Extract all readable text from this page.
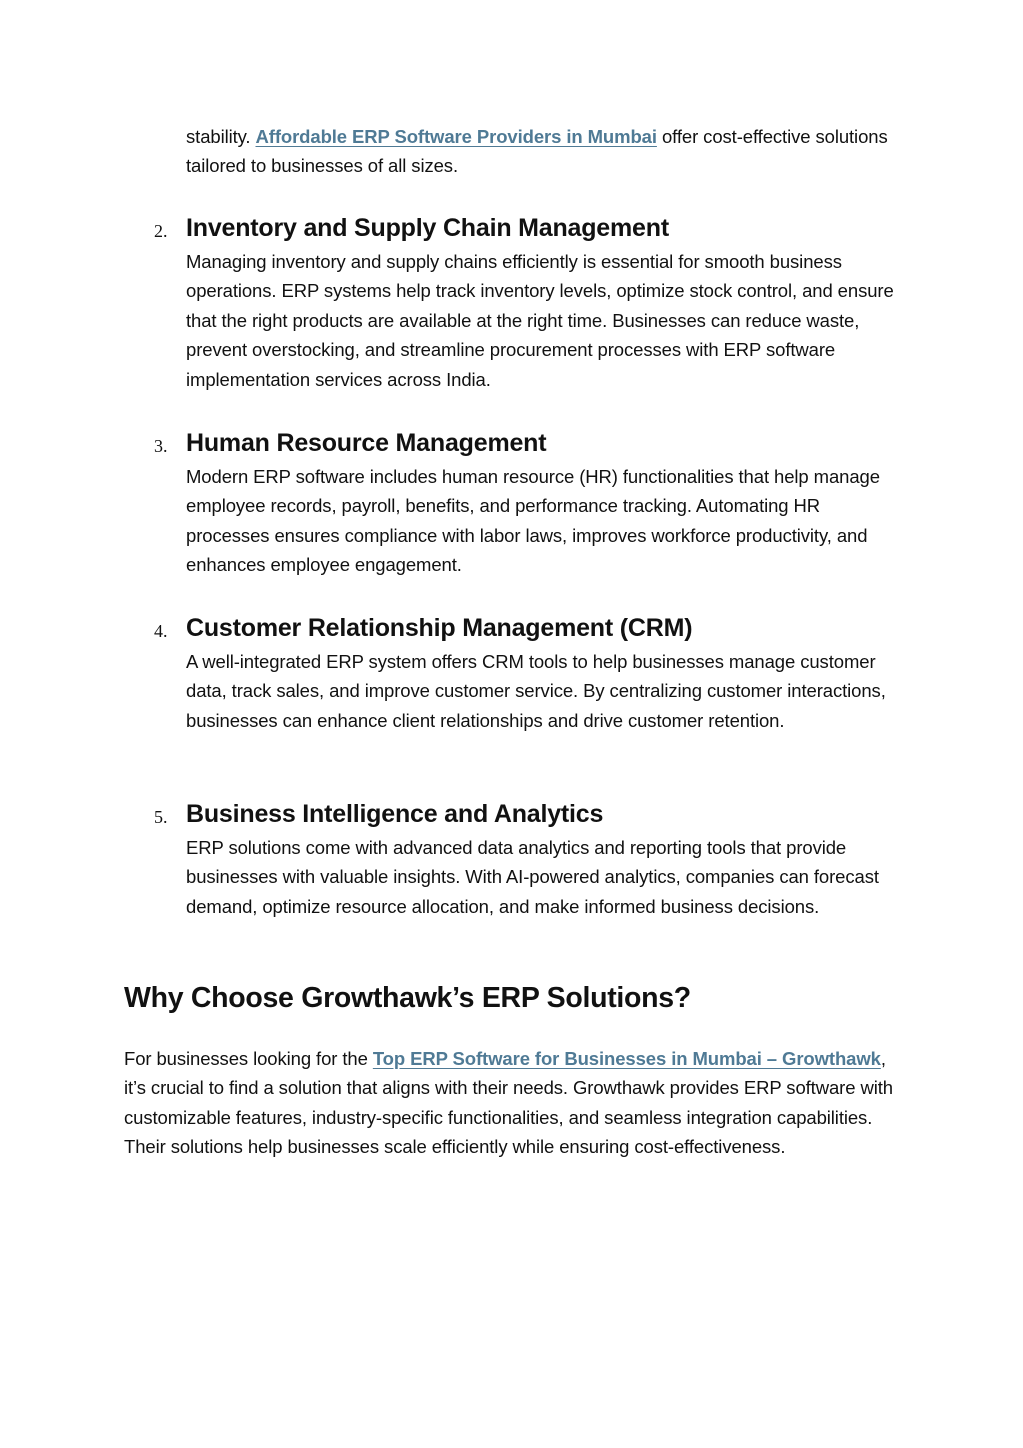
stability. Affordable ERP Software Providers in Mumbai offer cost-effective solutions tailored to businesses of all sizes.

2. Inventory and Supply Chain Management

Managing inventory and supply chains efficiently is essential for smooth business operations. ERP systems help track inventory levels, optimize stock control, and ensure that the right products are available at the right time. Businesses can reduce waste, prevent overstocking, and streamline procurement processes with ERP software implementation services across India.

3. Human Resource Management

Modern ERP software includes human resource (HR) functionalities that help manage employee records, payroll, benefits, and performance tracking. Automating HR processes ensures compliance with labor laws, improves workforce productivity, and enhances employee engagement.

4. Customer Relationship Management (CRM)

A well-integrated ERP system offers CRM tools to help businesses manage customer data, track sales, and improve customer service. By centralizing customer interactions, businesses can enhance client relationships and drive customer retention.

5. Business Intelligence and Analytics

ERP solutions come with advanced data analytics and reporting tools that provide businesses with valuable insights. With AI-powered analytics, companies can forecast demand, optimize resource allocation, and make informed business decisions.

Why Choose Growthawk’s ERP Solutions?

For businesses looking for the Top ERP Software for Businesses in Mumbai – Growthawk, it’s crucial to find a solution that aligns with their needs. Growthawk provides ERP software with customizable features, industry-specific functionalities, and seamless integration capabilities. Their solutions help businesses scale efficiently while ensuring cost-effectiveness.
